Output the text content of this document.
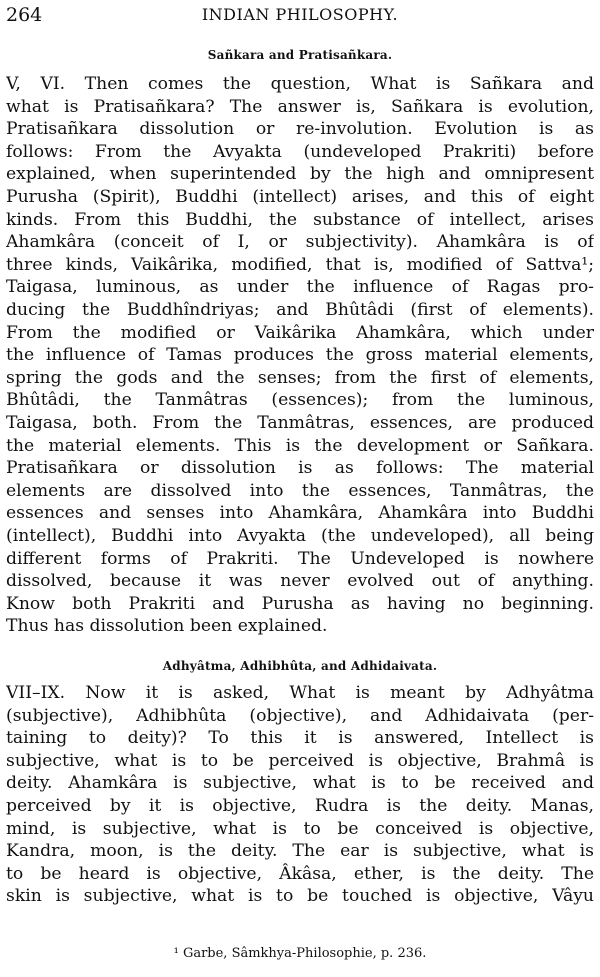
264	INDIAN PHILOSOPHY.
Sañkara and Pratisañkara.
V, VI. Then comes the question, What is Sañkara and
what is Pratisañkara? The answer is, Sañkara is evolution,
Pratisañkara dissolution or re-involution. Evolution is as
follows: From the Avyakta (undeveloped Prakriti) before
explained, when superintended by the high and omnipresent
Purusha (Spirit), Buddhi (intellect) arises, and this of eight
kinds. From this Buddhi, the substance of intellect, arises
Ahamkâra (conceit of I, or subjectivity). Ahamkâra is of
three kinds, Vaikârika, modified, that is, modified of Sattva¹;
Taigasa, luminous, as under the influence of Ragas pro-
ducing the Buddhîndriyas; and Bhûtâdi (first of elements).
From the modified or Vaikârika Ahamkâra, which under
the influence of Tamas produces the gross material elements,
spring the gods and the senses; from the first of elements,
Bhûtâdi, the Tanmâtras (essences); from the luminous,
Taigasa, both. From the Tanmâtras, essences, are produced
the material elements. This is the development or Sañkara.
Pratisañkara or dissolution is as follows: The material
elements are dissolved into the essences, Tanmâtras, the
essences and senses into Ahamkâra, Ahamkâra into Buddhi
(intellect), Buddhi into Avyakta (the undeveloped), all being
different forms of Prakriti. The Undeveloped is nowhere
dissolved, because it was never evolved out of anything.
Know both Prakriti and Purusha as having no beginning.
Thus has dissolution been explained.
Adhyâtma, Adhibhûta, and Adhidaivata.
VII–IX. Now it is asked, What is meant by Adhyâtma
(subjective), Adhibhûta (objective), and Adhidaivata (per-
taining to deity)? To this it is answered, Intellect is
subjective, what is to be perceived is objective, Brahmâ is
deity. Ahamkâra is subjective, what is to be received and
perceived by it is objective, Rudra is the deity. Manas,
mind, is subjective, what is to be conceived is objective,
Kandra, moon, is the deity. The ear is subjective, what is
to be heard is objective, Âkâsa, ether, is the deity. The
skin is subjective, what is to be touched is objective, Vâyu
¹ Garbe, Sâmkhya-Philosophie, p. 236.
